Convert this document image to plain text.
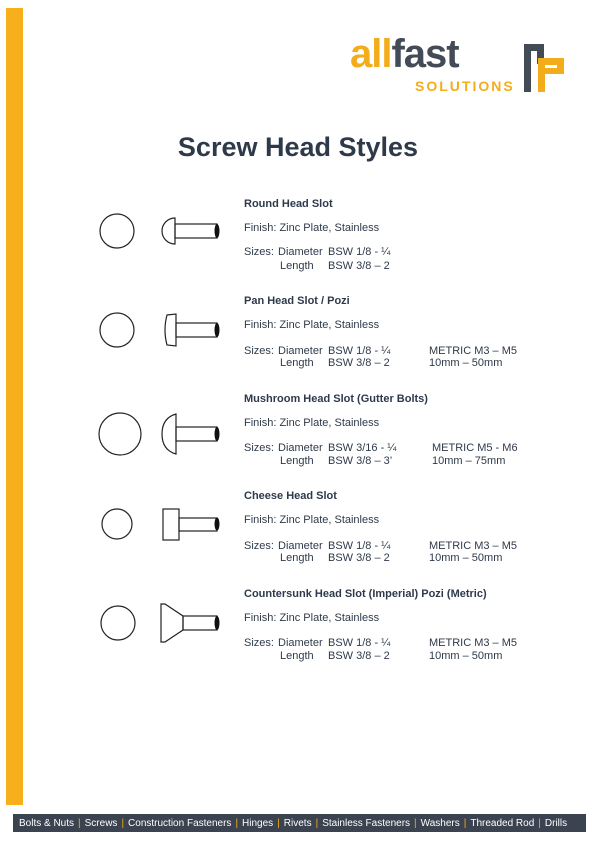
allfast
SOLUTIONS
Screw Head Styles
Round Head Slot
Finish: Zinc Plate, Stainless
Sizes: Diameter BSW 1/8 - ¼
Length BSW 3/8 – 2
Pan Head Slot / Pozi
Finish: Zinc Plate, Stainless
Sizes: Diameter BSW 1/8 - ¼
Length BSW 3/8 – 2
METRIC M3 – M5
10mm – 50mm
Mushroom Head Slot (Gutter Bolts)
Finish: Zinc Plate, Stainless
Sizes: Diameter BSW 3/16 - ¼
Length BSW 3/8 – 3’
METRIC M5 - M6
10mm – 75mm
Cheese Head Slot
Finish: Zinc Plate, Stainless
Sizes: Diameter BSW 1/8 - ¼
Length BSW 3/8 – 2
METRIC M3 – M5
10mm – 50mm
Countersunk Head Slot (Imperial) Pozi (Metric)
Finish: Zinc Plate, Stainless
Sizes: Diameter BSW 1/8 - ¼
Length BSW 3/8 – 2
METRIC M3 – M5
10mm – 50mm
Bolts & Nuts | Screws | Construction Fasteners | Hinges | Rivets | Stainless Fasteners | Washers | Threaded Rod | Drills
